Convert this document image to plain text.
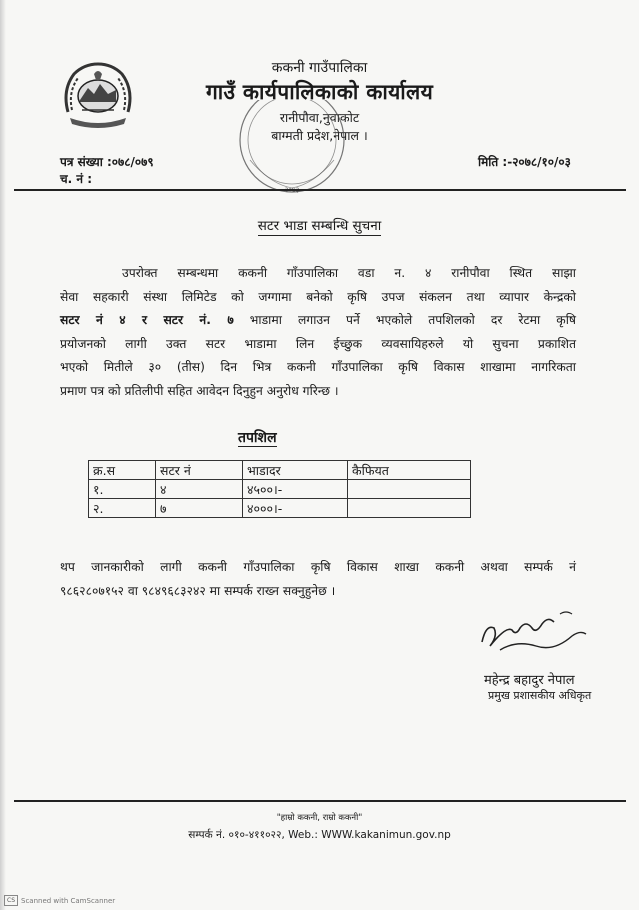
ककनी गाउँपालिका
गाउँ कार्यपालिकाको कार्यालय
रानीपौवा,नुवाकोट
बाग्मती प्रदेश,नेपाल ।
पत्र संख्या :०७८/०७९
च. नं :
मिति :-२०७८/१०/०३
सटर भाडा सम्बन्धि सुचना
उपरोक्त सम्बन्धमा ककनी गाँउपालिका वडा न. ४ रानीपौवा स्थित साझा
सेवा सहकारी संस्था लिमिटेड को जग्गामा बनेको कृषि उपज संकलन तथा व्यापार केन्द्रको
सटर नं ४ र सटर नं. ७ भाडामा लगाउन पर्ने भएकोले तपशिलको दर रेटमा कृषि
प्रयोजनको लागी उक्त सटर भाडामा लिन ईच्छुक व्यवसायिहरुले यो सुचना प्रकाशित
भएको मितीले ३० (तीस) दिन भित्र ककनी गाँउपालिका कृषि विकास शाखामा नागरिकता
प्रमाण पत्र को प्रतिलीपी सहित आवेदन दिनुहुन अनुरोध गरिन्छ ।
तपशिल
क्र.स	सटर नं	भाडादर	कैफियत
१.	४	४५००।-	
२.	७	४०००।-	
थप जानकारीको लागी ककनी गाँउपालिका कृषि विकास शाखा ककनी अथवा सम्पर्क नं
९८६२८०७१५२ वा ९८४९६८३२४२ मा सम्पर्क राख्न सक्नुहुनेछ ।
महेन्द्र बहादुर नेपाल
प्रमुख प्रशासकीय अधिकृत
"हाम्रो ककनी, राम्रो ककनी"
सम्पर्क नं. ०१०-४११०२२, Web.: WWW.kakanimun.gov.np
CS Scanned with CamScanner
